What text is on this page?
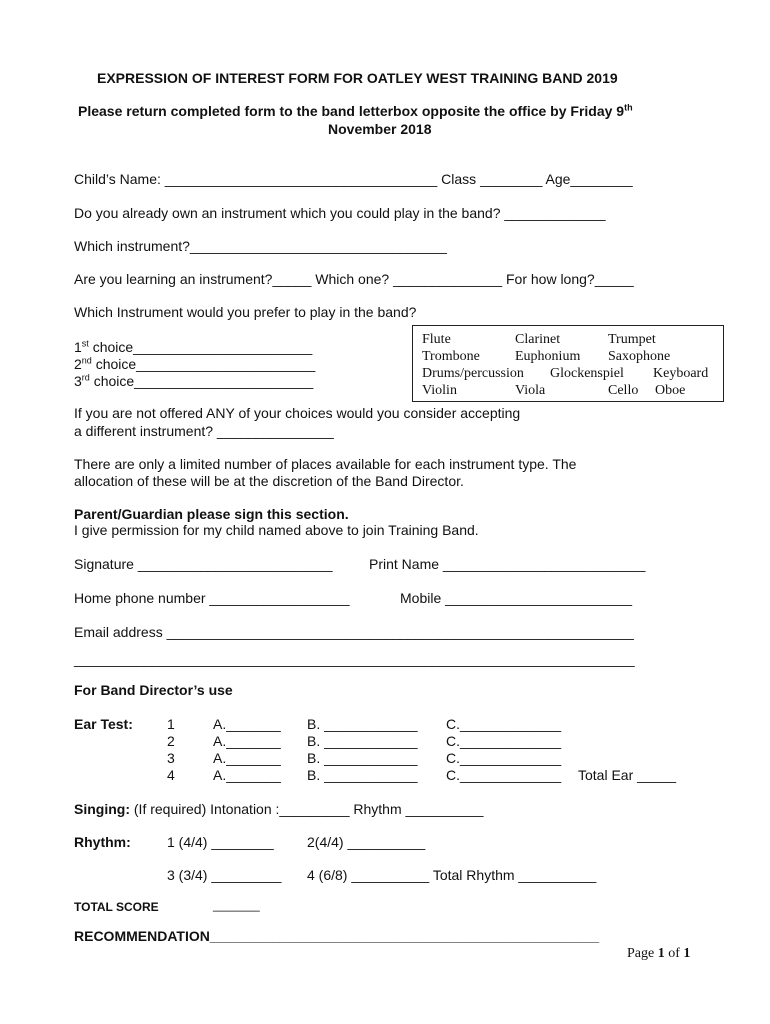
EXPRESSION OF INTEREST FORM FOR OATLEY WEST TRAINING BAND 2019
Please return completed form to the band letterbox opposite the office by Friday 9th
November 2018
Child’s Name: ___________________________________ Class ________ Age________
Do you already own an instrument which you could play in the band? _____________
Which instrument?_________________________________
Are you learning an instrument?_____ Which one? ______________ For how long?_____
Which Instrument would you prefer to play in the band?
1st choice_______________________
2nd choice_______________________
3rd choice_______________________
Flute	Clarinet	Trumpet
Trombone	Euphonium Saxophone
Drums/percussion Glockenspiel Keyboard
Violin	Viola	Cello Oboe
If you are not offered ANY of your choices would you consider accepting
a different instrument? _______________
There are only a limited number of places available for each instrument type. The
allocation of these will be at the discretion of the Band Director.
Parent/Guardian please sign this section.
I give permission for my child named above to join Training Band.
Signature _________________________	Print Name __________________________
Home phone number __________________	Mobile ________________________
Email address ____________________________________________________________
________________________________________________________________________
For Band Director’s use
Ear Test: 1	A._______ B. ____________ C._____________
2	A._______ B. ____________ C._____________
3	A._______ B. ____________ C._____________
4	A._______ B. ____________ C._____________ Total Ear _____
Singing: (If required) Intonation :_________ Rhythm __________
Rhythm:	1 (4/4) ________ 2(4/4) __________
3 (3/4) _________ 4 (6/8) __________ Total Rhythm __________
TOTAL SCORE	_______
RECOMMENDATION__________________________________________________
Page 1 of 1
